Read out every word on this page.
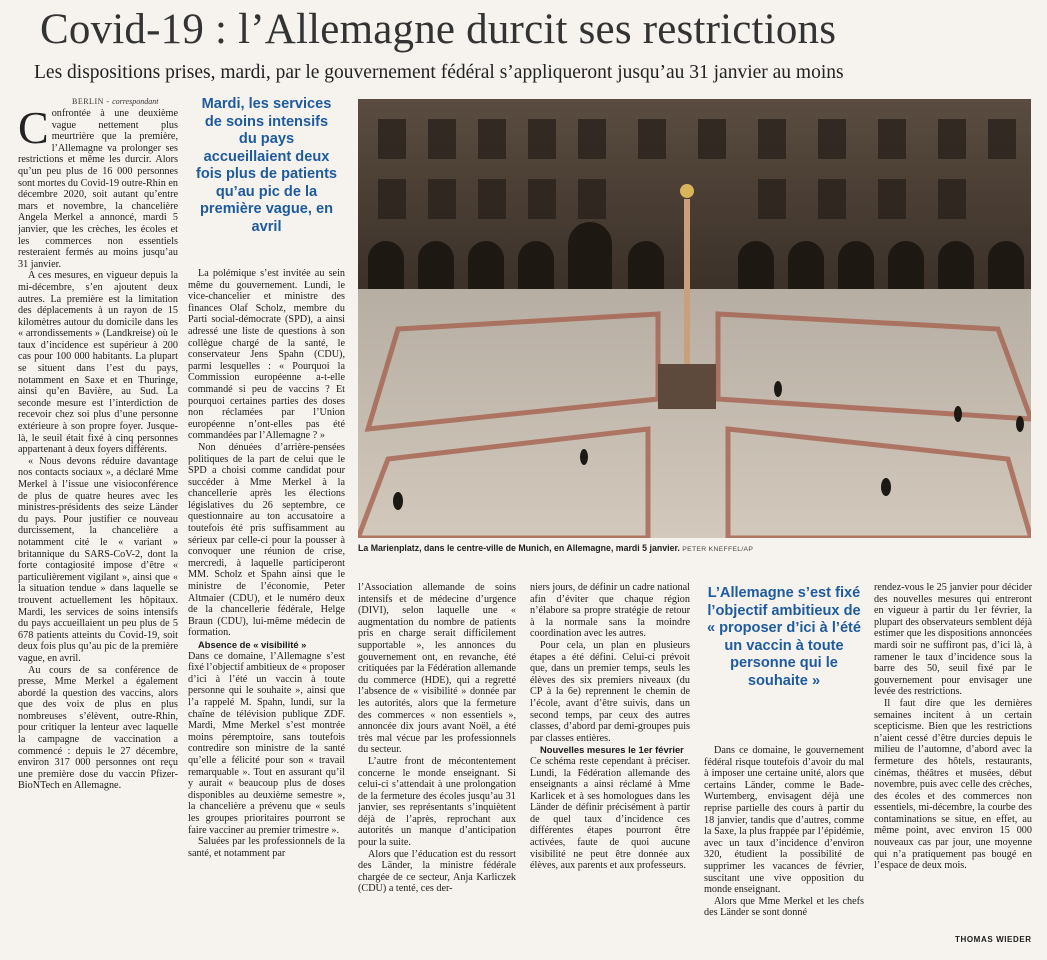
Covid-19 : l’Allemagne durcit ses restrictions
Les dispositions prises, mardi, par le gouvernement fédéral s’appliqueront jusqu’au 31 janvier au moins
BERLIN - correspondant
C onfrontée à une deuxième vague nettement plus meurtrière que la première, l’Allemagne va prolonger ses restrictions et même les durcir. Alors qu’un peu plus de 16 000 personnes sont mortes du Covid-19 outre-Rhin en décembre 2020, soit autant qu’entre mars et novembre, la chancelière Angela Merkel a annoncé, mardi 5 janvier, que les crèches, les écoles et les commerces non essentiels resteraient fermés au moins jusqu’au 31 janvier.

A ces mesures, en vigueur depuis la mi-décembre, s’en ajoutent deux autres. La première est la limitation des déplacements à un rayon de 15 kilomètres autour du domicile dans les « arrondissements » (Landkreise) où le taux d’incidence est supérieur à 200 cas pour 100 000 habitants. La plupart se situent dans l’est du pays, notamment en Saxe et en Thuringe, ainsi qu’en Bavière, au Sud. La seconde mesure est l’interdiction de recevoir chez soi plus d’une personne extérieure à son propre foyer. Jusque-là, le seuil était fixé à cinq personnes appartenant à deux foyers différents.

« Nous devons réduire davantage nos contacts sociaux », a déclaré Mme Merkel à l’issue une visioconférence de plus de quatre heures avec les ministres-présidents des seize Länder du pays. Pour justifier ce nouveau durcissement, la chancelière a notamment cité le « variant » britannique du SARS-CoV-2, dont la forte contagiosité impose d’être « particulièrement vigilant », ainsi que « la situation tendue » dans laquelle se trouvent actuellement les hôpitaux. Mardi, les services de soins intensifs du pays accueillaient un peu plus de 5 678 patients atteints du Covid-19, soit deux fois plus qu’au pic de la première vague, en avril.

Au cours de sa conférence de presse, Mme Merkel a également abordé la question des vaccins, alors que des voix de plus en plus nombreuses s’élèvent, outre-Rhin, pour critiquer la lenteur avec laquelle la campagne de vaccination a commencé : depuis le 27 décembre, environ 317 000 personnes ont reçu une première dose du vaccin Pfizer-BioNTech en Allemagne.

Mardi, les services de soins intensifs du pays accueillaient deux fois plus de patients qu’au pic de la première vague, en avril

La polémique s’est invitée au sein même du gouvernement. Lundi, le vice-chancelier et ministre des finances Olaf Scholz, membre du Parti social-démocrate (SPD), a ainsi adressé une liste de questions à son collègue chargé de la santé, le conservateur Jens Spahn (CDU), parmi lesquelles : « Pourquoi la Commission européenne a-t-elle commandé si peu de vaccins ? Et pourquoi certaines parties des doses non réclamées par l’Union européenne n’ont-elles pas été commandées par l’Allemagne ? »

Non dénuées d’arrière-pensées politiques de la part de celui que le SPD a choisi comme candidat pour succéder à Mme Merkel à la chancellerie après les élections législatives du 26 septembre, ce questionnaire au ton accusatoire a toutefois été pris suffisamment au sérieux par celle-ci pour la pousser à convoquer une réunion de crise, mercredi, à laquelle participeront MM. Scholz et Spahn ainsi que le ministre de l’économie, Peter Altmaier (CDU), et le numéro deux de la chancellerie fédérale, Helge Braun (CDU), lui-même médecin de formation.

Absence de « visibilité »

Dans ce domaine, l’Allemagne s’est fixé l’objectif ambitieux de « proposer d’ici à l’été un vaccin à toute personne qui le souhaite », ainsi que l’a rappelé M. Spahn, lundi, sur la chaîne de télévision publique ZDF. Mardi, Mme Merkel s’est montrée moins péremptoire, sans toutefois contredire son ministre de la santé qu’elle a félicité pour son « travail remarquable ». Tout en assurant qu’il y aurait « beaucoup plus de doses disponibles au deuxième semestre », la chancelière a prévenu que « seuls les groupes prioritaires pourront se faire vacciner au premier trimestre ».

Saluées par les professionnels de la santé, et notamment par

La Marienplatz, dans le centre-ville de Munich, en Allemagne, mardi 5 janvier. PETER KNEFFEL/AP

l’Association allemande de soins intensifs et de médecine d’urgence (DIVI), selon laquelle une « augmentation du nombre de patients pris en charge serait difficilement supportable », les annonces du gouvernement ont, en revanche, été critiquées par la Fédération allemande du commerce (HDE), qui a regretté l’absence de « visibilité » donnée par les autorités, alors que la fermeture des commerces « non essentiels », annoncée dix jours avant Noël, a été très mal vécue par les professionnels du secteur.

L’autre front de mécontentement concerne le monde enseignant. Si celui-ci s’attendait à une prolongation de la fermeture des écoles jusqu’au 31 janvier, ses représentants s’inquiètent déjà de l’après, reprochant aux autorités un manque d’anticipation pour la suite.

Alors que l’éducation est du ressort des Länder, la ministre fédérale chargée de ce secteur, Anja Karliczek (CDU) a tenté, ces der-

niers jours, de définir un cadre national afin d’éviter que chaque région n’élabore sa propre stratégie de retour à la normale sans la moindre coordination avec les autres.

Pour cela, un plan en plusieurs étapes a été défini. Celui-ci prévoit que, dans un premier temps, seuls les élèves des six premiers niveaux (du CP à la 6e) reprennent le chemin de l’école, avant d’être suivis, dans un second temps, par ceux des autres classes, d’abord par demi-groupes puis par classes entières.

Nouvelles mesures le 1er février

Ce schéma reste cependant à préciser. Lundi, la Fédération allemande des enseignants a ainsi réclamé à Mme Karlicek et à ses homologues dans les Länder de définir précisément à partir de quel taux d’incidence ces différentes étapes pourront être activées, faute de quoi aucune visibilité ne peut être donnée aux élèves, aux parents et aux professeurs.

L’Allemagne s’est fixé l’objectif ambitieux de « proposer d’ici à l’été un vaccin à toute personne qui le souhaite »

Dans ce domaine, le gouvernement fédéral risque toutefois d’avoir du mal à imposer une certaine unité, alors que certains Länder, comme le Bade-Wurtemberg, envisagent déjà une reprise partielle des cours à partir du 18 janvier, tandis que d’autres, comme la Saxe, la plus frappée par l’épidémie, avec un taux d’incidence d’environ 320, étudient la possibilité de supprimer les vacances de février, suscitant une vive opposition du monde enseignant.

Alors que Mme Merkel et les chefs des Länder se sont donné

rendez-vous le 25 janvier pour décider des nouvelles mesures qui entreront en vigueur à partir du 1er février, la plupart des observateurs semblent déjà estimer que les dispositions annoncées mardi soir ne suffiront pas, d’ici là, à ramener le taux d’incidence sous la barre des 50, seuil fixé par le gouvernement pour envisager une levée des restrictions.

Il faut dire que les dernières semaines incitent à un certain scepticisme. Bien que les restrictions n’aient cessé d’être durcies depuis le milieu de l’automne, d’abord avec la fermeture des hôtels, restaurants, cinémas, théâtres et musées, début novembre, puis avec celle des crèches, des écoles et des commerces non essentiels, mi-décembre, la courbe des contaminations se situe, en effet, au même point, avec environ 15 000 nouveaux cas par jour, une moyenne qui n’a pratiquement pas bougé en l’espace de deux mois.

THOMAS WIEDER
